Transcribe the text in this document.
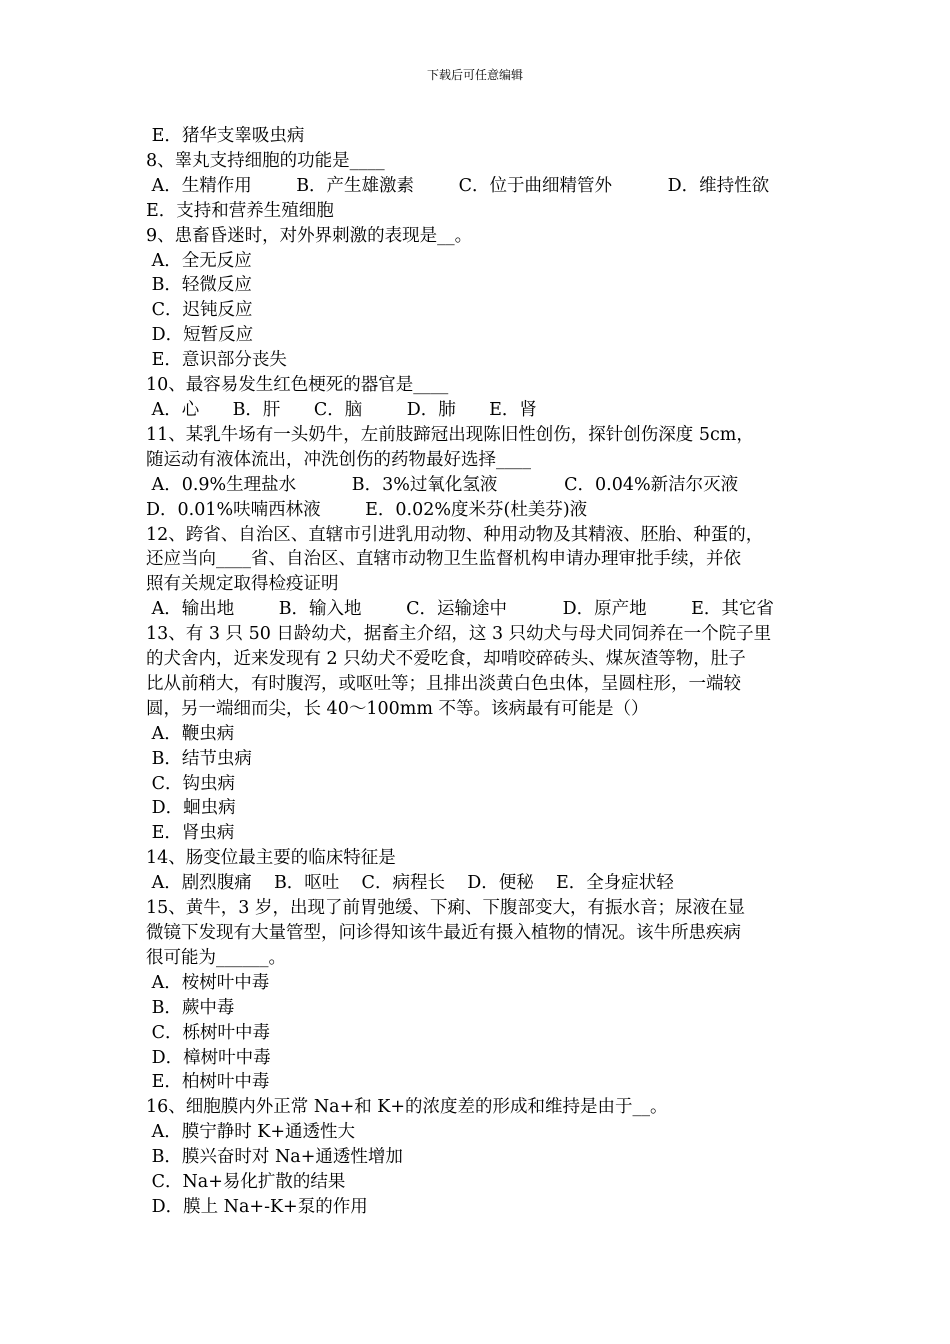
下载后可任意编辑
E．猪华支睾吸虫病
8、睾丸支持细胞的功能是____
A．生精作用        B．产生雄激素        C．位于曲细精管外          D．维持性欲
E．支持和营养生殖细胞
9、患畜昏迷时，对外界刺激的表现是__。
A．全无反应
B．轻微反应
C．迟钝反应
D．短暂反应
E．意识部分丧失
10、最容易发生红色梗死的器官是____
A．心      B．肝      C．脑        D．肺      E．肾
11、某乳牛场有一头奶牛，左前肢蹄冠出现陈旧性创伤，探针创伤深度 5cm，
随运动有液体流出，冲洗创伤的药物最好选择____
A．0.9%生理盐水          B．3%过氧化氢液            C．0.04%新洁尔灭液
D．0.01%呋喃西林液        E．0.02%度米芬(杜美芬)液
12、跨省、自治区、直辖市引进乳用动物、种用动物及其精液、胚胎、种蛋的，
还应当向____省、自治区、直辖市动物卫生监督机构申请办理审批手续，并依
照有关规定取得检疫证明
A．输出地        B．输入地        C．运输途中          D．原产地        E．其它省
13、有 3 只 50 日龄幼犬，据畜主介绍，这 3 只幼犬与母犬同饲养在一个院子里
的犬舍内，近来发现有 2 只幼犬不爱吃食，却啃咬碎砖头、煤灰渣等物，肚子
比从前稍大，有时腹泻，或呕吐等；且排出淡黄白色虫体，呈圆柱形，一端较
圆，另一端细而尖，长 40～100mm 不等。该病最有可能是（）
A．鞭虫病
B．结节虫病
C．钩虫病
D．蛔虫病
E．肾虫病
14、肠变位最主要的临床特征是
A．剧烈腹痛    B．呕吐    C．病程长    D．便秘    E．全身症状轻
15、黄牛，3 岁，出现了前胃弛缓、下痢、下腹部变大，有振水音；尿液在显
微镜下发现有大量管型，问诊得知该牛最近有摄入植物的情况。该牛所患疾病
很可能为______。
A．桉树叶中毒
B．蕨中毒
C．栎树叶中毒
D．樟树叶中毒
E．柏树叶中毒
16、细胞膜内外正常 Na+和 K+的浓度差的形成和维持是由于__。
A．膜宁静时 K+通透性大
B．膜兴奋时对 Na+通透性增加
C．Na+易化扩散的结果
D．膜上 Na+-K+泵的作用
